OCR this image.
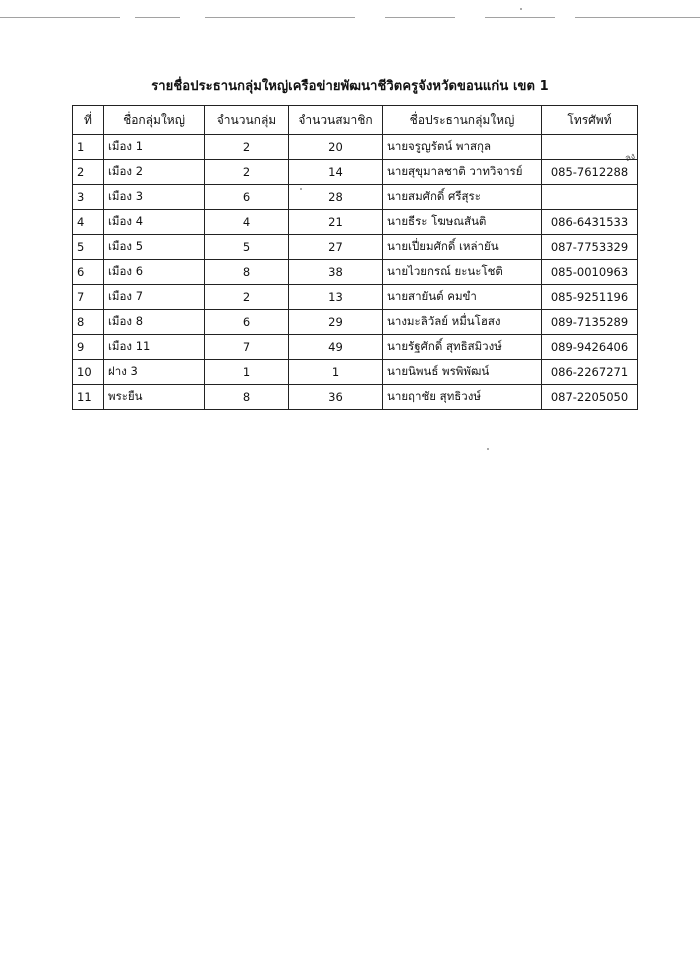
รายชื่อประธานกลุ่มใหญ่เครือข่ายพัฒนาชีวิตครูจังหวัดขอนแก่น เขต 1
ลง
ที่	ชื่อกลุ่มใหญ่	จำนวนกลุ่ม	จำนวนสมาชิก	ชื่อประธานกลุ่มใหญ่	โทรศัพท์
1	เมือง 1	2	20	นายจรูญรัตน์ พาสกุล	
2	เมือง 2	2	14	นายสุขุมาลชาติ วาทวิจารย์	085-7612288
3	เมือง 3	6	28	นายสมศักดิ์ ศรีสุระ	
4	เมือง 4	4	21	นายธีระ โฆษณสันติ	086-6431533
5	เมือง 5	5	27	นายเปี่ยมศักดิ์ เหล่ายัน	087-7753329
6	เมือง 6	8	38	นายไวยกรณ์ ยะนะโชติ	085-0010963
7	เมือง 7	2	13	นายสายันต์ คมขำ	085-9251196
8	เมือง 8	6	29	นางมะลิวัลย์ หมื่นโฮสง	089-7135289
9	เมือง 11	7	49	นายรัฐศักดิ์ สุทธิสมิวงษ์	089-9426406
10	ฝาง 3	1	1	นายนิพนธ์ พรพิพัฒน์	086-2267271
11	พระยืน	8	36	นายฤาชัย สุทธิวงษ์	087-2205050
